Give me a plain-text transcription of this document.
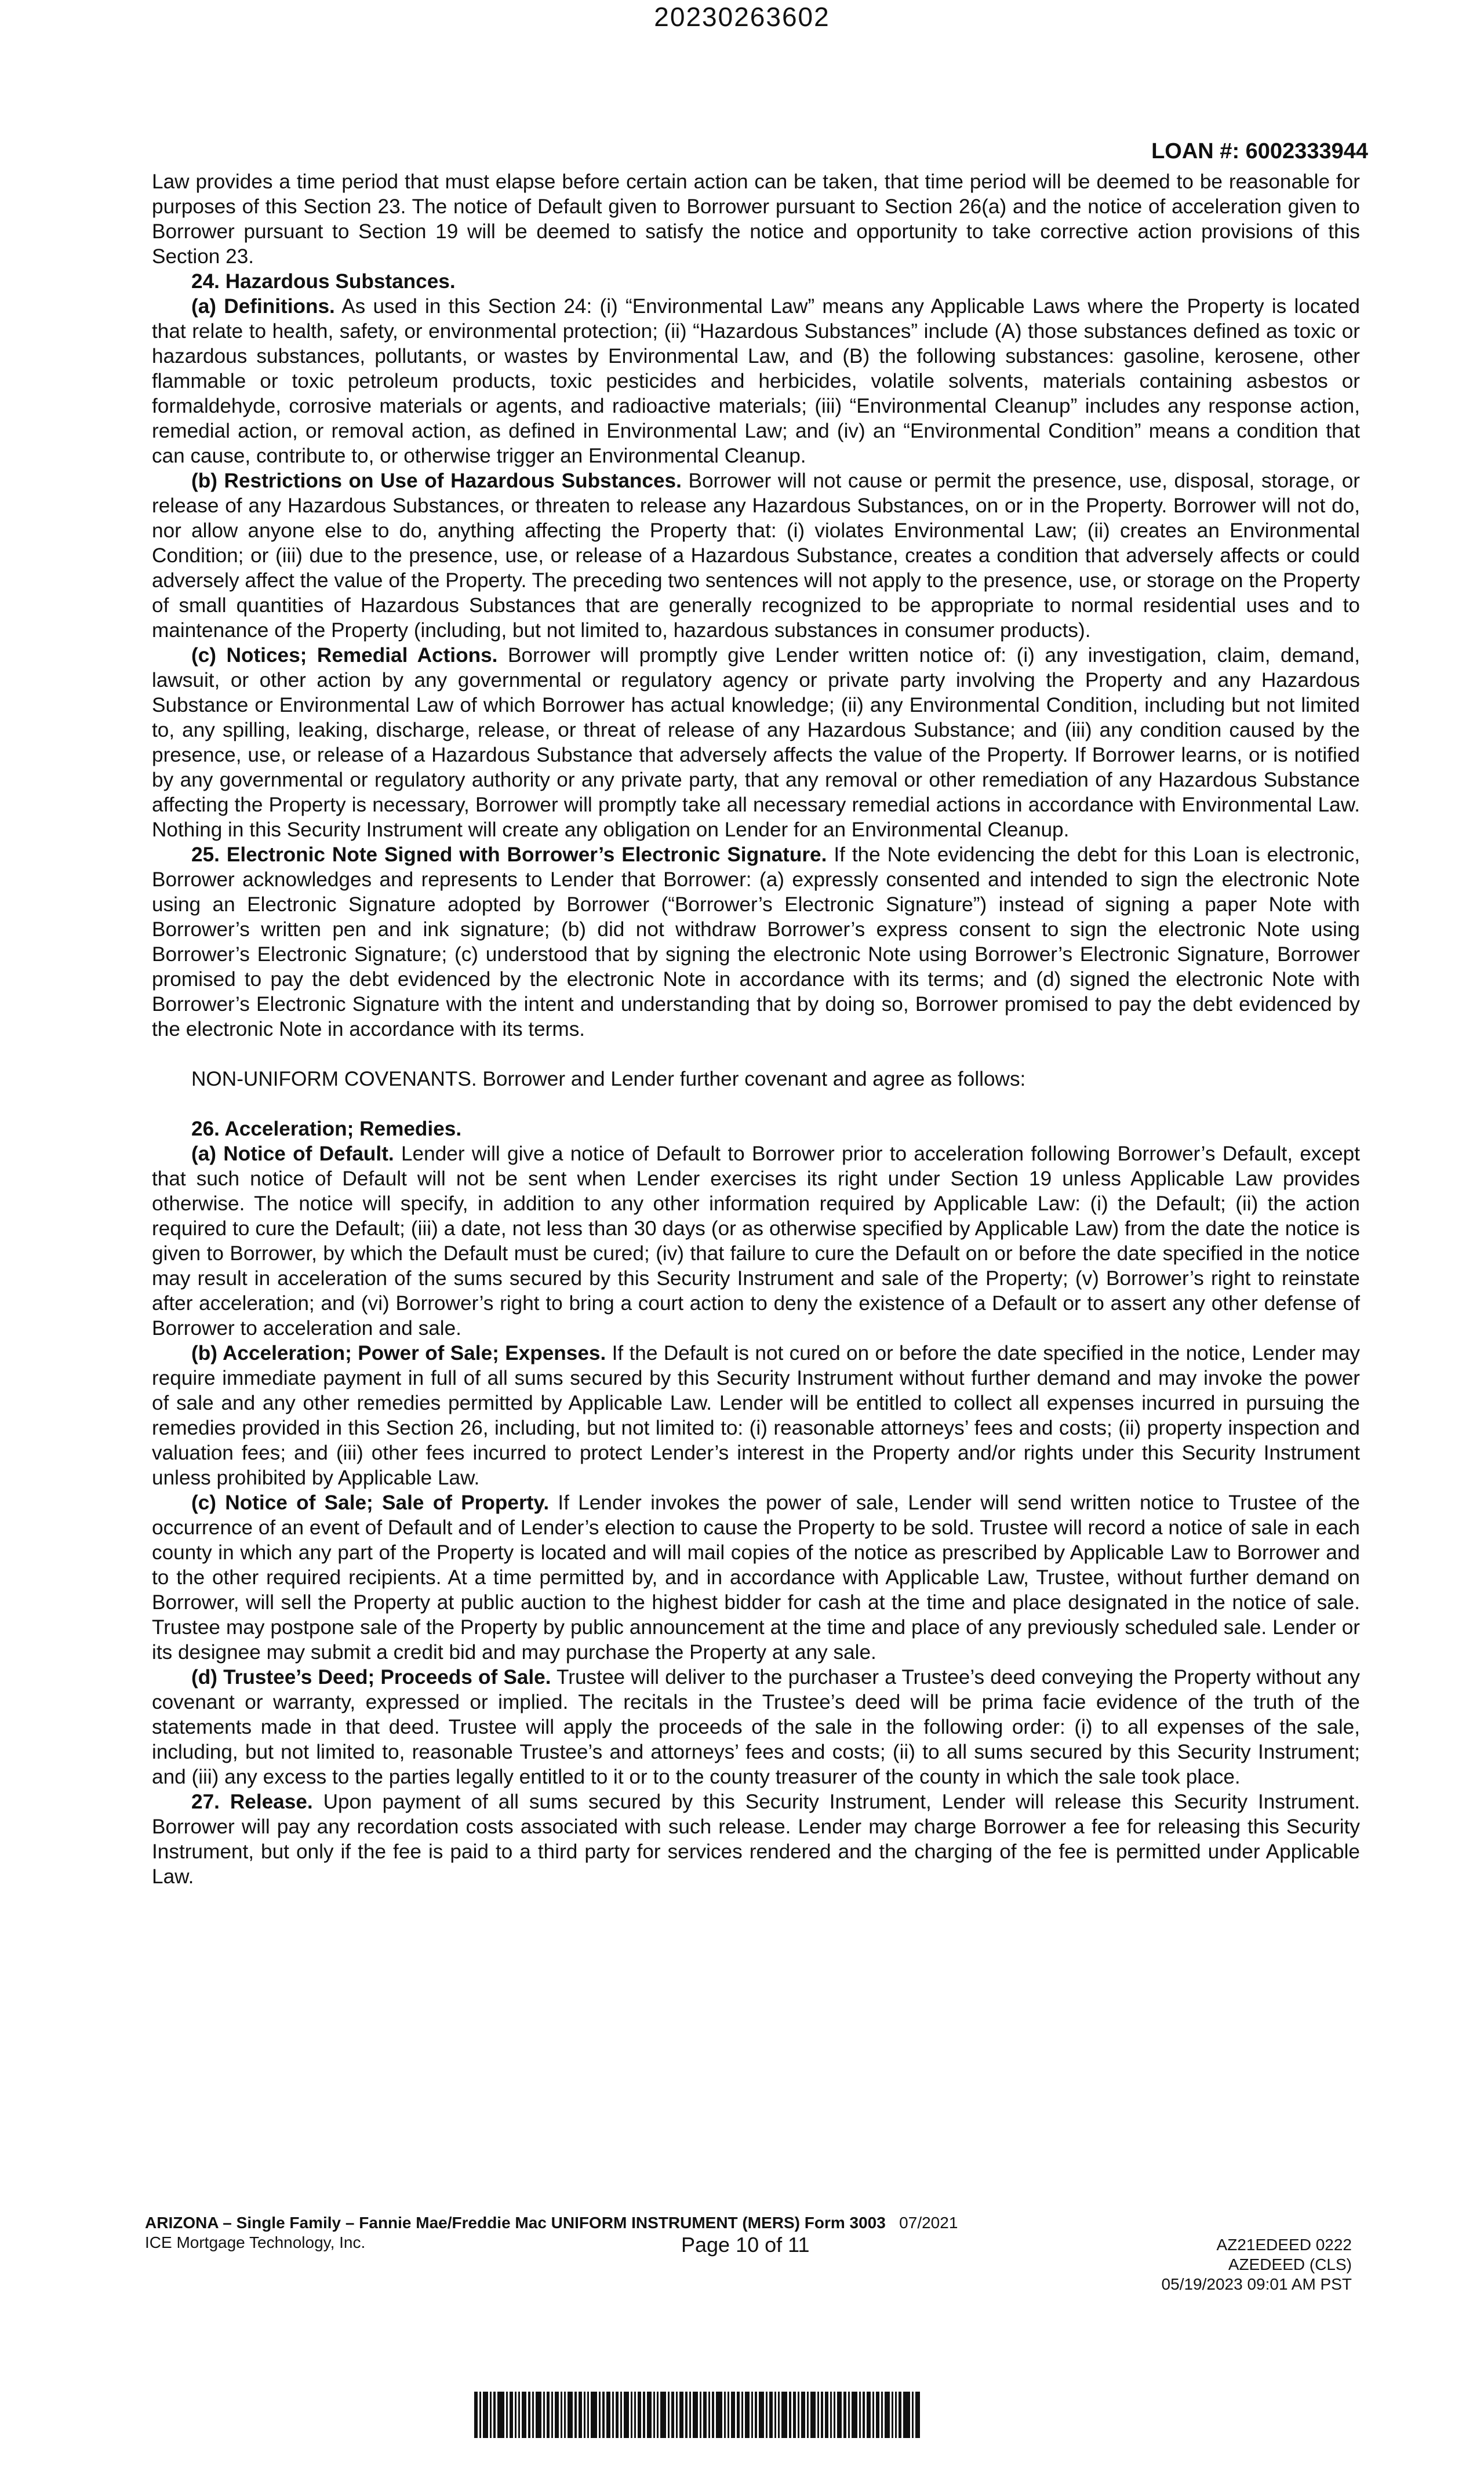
20230263602
LOAN #: 6002333944

Law provides a time period that must elapse before certain action can be taken, that time period will be deemed to be reasonable for purposes of this Section 23. The notice of Default given to Borrower pursuant to Section 26(a) and the notice of acceleration given to Borrower pursuant to Section 19 will be deemed to satisfy the notice and opportunity to take corrective action provisions of this Section 23.

24. Hazardous Substances.

(a) Definitions. As used in this Section 24: (i) “Environmental Law” means any Applicable Laws where the Property is located that relate to health, safety, or environmental protection; (ii) “Hazardous Substances” include (A) those substances defined as toxic or hazardous substances, pollutants, or wastes by Environmental Law, and (B) the following substances: gasoline, kerosene, other flammable or toxic petroleum products, toxic pesticides and herbicides, volatile solvents, materials containing asbestos or formaldehyde, corrosive materials or agents, and radioactive materials; (iii) “Environmental Cleanup” includes any response action, remedial action, or removal action, as defined in Environmental Law; and (iv) an “Environmental Condition” means a condition that can cause, contribute to, or otherwise trigger an Environmental Cleanup.

(b) Restrictions on Use of Hazardous Substances. Borrower will not cause or permit the presence, use, disposal, storage, or release of any Hazardous Substances, or threaten to release any Hazardous Substances, on or in the Property. Borrower will not do, nor allow anyone else to do, anything affecting the Property that: (i) violates Environmental Law; (ii) creates an Environmental Condition; or (iii) due to the presence, use, or release of a Hazardous Substance, creates a condition that adversely affects or could adversely affect the value of the Property. The preceding two sentences will not apply to the presence, use, or storage on the Property of small quantities of Hazardous Substances that are generally recognized to be appropriate to normal residential uses and to maintenance of the Property (including, but not limited to, hazardous substances in consumer products).

(c) Notices; Remedial Actions. Borrower will promptly give Lender written notice of: (i) any investigation, claim, demand, lawsuit, or other action by any governmental or regulatory agency or private party involving the Property and any Hazardous Substance or Environmental Law of which Borrower has actual knowledge; (ii) any Environmental Condition, including but not limited to, any spilling, leaking, discharge, release, or threat of release of any Hazardous Substance; and (iii) any condition caused by the presence, use, or release of a Hazardous Substance that adversely affects the value of the Property. If Borrower learns, or is notified by any governmental or regulatory authority or any private party, that any removal or other remediation of any Hazardous Substance affecting the Property is necessary, Borrower will promptly take all necessary remedial actions in accordance with Environmental Law. Nothing in this Security Instrument will create any obligation on Lender for an Environmental Cleanup.

25. Electronic Note Signed with Borrower’s Electronic Signature. If the Note evidencing the debt for this Loan is electronic, Borrower acknowledges and represents to Lender that Borrower: (a) expressly consented and intended to sign the electronic Note using an Electronic Signature adopted by Borrower (“Borrower’s Electronic Signature”) instead of signing a paper Note with Borrower’s written pen and ink signature; (b) did not withdraw Borrower’s express consent to sign the electronic Note using Borrower’s Electronic Signature; (c) understood that by signing the electronic Note using Borrower’s Electronic Signature, Borrower promised to pay the debt evidenced by the electronic Note in accordance with its terms; and (d) signed the electronic Note with Borrower’s Electronic Signature with the intent and understanding that by doing so, Borrower promised to pay the debt evidenced by the electronic Note in accordance with its terms.

NON-UNIFORM COVENANTS. Borrower and Lender further covenant and agree as follows:

26. Acceleration; Remedies.

(a) Notice of Default. Lender will give a notice of Default to Borrower prior to acceleration following Borrower’s Default, except that such notice of Default will not be sent when Lender exercises its right under Section 19 unless Applicable Law provides otherwise. The notice will specify, in addition to any other information required by Applicable Law: (i) the Default; (ii) the action required to cure the Default; (iii) a date, not less than 30 days (or as otherwise specified by Applicable Law) from the date the notice is given to Borrower, by which the Default must be cured; (iv) that failure to cure the Default on or before the date specified in the notice may result in acceleration of the sums secured by this Security Instrument and sale of the Property; (v) Borrower’s right to reinstate after acceleration; and (vi) Borrower’s right to bring a court action to deny the existence of a Default or to assert any other defense of Borrower to acceleration and sale.

(b) Acceleration; Power of Sale; Expenses. If the Default is not cured on or before the date specified in the notice, Lender may require immediate payment in full of all sums secured by this Security Instrument without further demand and may invoke the power of sale and any other remedies permitted by Applicable Law. Lender will be entitled to collect all expenses incurred in pursuing the remedies provided in this Section 26, including, but not limited to: (i) reasonable attorneys’ fees and costs; (ii) property inspection and valuation fees; and (iii) other fees incurred to protect Lender’s interest in the Property and/or rights under this Security Instrument unless prohibited by Applicable Law.

(c) Notice of Sale; Sale of Property. If Lender invokes the power of sale, Lender will send written notice to Trustee of the occurrence of an event of Default and of Lender’s election to cause the Property to be sold. Trustee will record a notice of sale in each county in which any part of the Property is located and will mail copies of the notice as prescribed by Applicable Law to Borrower and to the other required recipients. At a time permitted by, and in accordance with Applicable Law, Trustee, without further demand on Borrower, will sell the Property at public auction to the highest bidder for cash at the time and place designated in the notice of sale. Trustee may postpone sale of the Property by public announcement at the time and place of any previously scheduled sale. Lender or its designee may submit a credit bid and may purchase the Property at any sale.

(d) Trustee’s Deed; Proceeds of Sale. Trustee will deliver to the purchaser a Trustee’s deed conveying the Property without any covenant or warranty, expressed or implied. The recitals in the Trustee’s deed will be prima facie evidence of the truth of the statements made in that deed. Trustee will apply the proceeds of the sale in the following order: (i) to all expenses of the sale, including, but not limited to, reasonable Trustee’s and attorneys’ fees and costs; (ii) to all sums secured by this Security Instrument; and (iii) any excess to the parties legally entitled to it or to the county treasurer of the county in which the sale took place.

27. Release. Upon payment of all sums secured by this Security Instrument, Lender will release this Security Instrument. Borrower will pay any recordation costs associated with such release. Lender may charge Borrower a fee for releasing this Security Instrument, but only if the fee is paid to a third party for services rendered and the charging of the fee is permitted under Applicable Law.

ARIZONA – Single Family – Fannie Mae/Freddie Mac UNIFORM INSTRUMENT (MERS) Form 3003 07/2021
ICE Mortgage Technology, Inc.	Page 10 of 11	AZ21EDEED 0222
AZEDEED (CLS)
05/19/2023 09:01 AM PST
